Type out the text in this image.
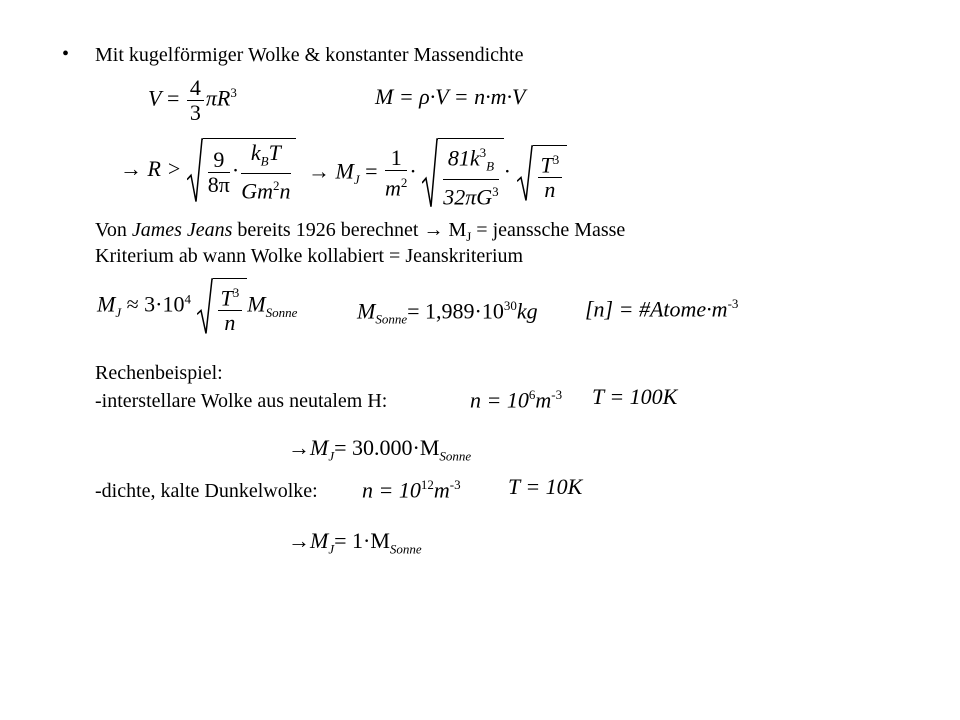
• Mit kugelförmiger Wolke & konstanter Massendichte
$V = \frac{4}{3} \pi R^3$	M = ρ·V = n·m·V
→ $R > \frac{9}{8\pi} \cdot \frac{k_BT}{Gm^2n} \to M_J = \frac{1}{m^2} \cdot \frac{81k^3_B}{32\pi G^3} \cdot \frac{T^3}{n}$
Von James Jeans bereits 1926 berechnet → $M_J$ = jeanssche Masse
Kriterium ab wann Wolke kollabiert = Jeanskriterium
$M_J \approx 3\cdot 10^4 \frac{T^3}{n} M_{Sonne}$	$M_{Sonne}= 1,989\cdot 10^{30}kg$ $[n] = \#Atome\cdot m^{-3}$
Rechenbeispiel:
-interstellare Wolke aus neutalem H:	$n = 10^6m^{-3}$ T = 100K
$\to M_J= 30.000\cdot M_{Sonne}$
-dichte, kalte Dunkelwolke: $n = 10^{12}m^{-3}$ T = 10K
$\to M_J= 1\cdot M_{Sonne}$
